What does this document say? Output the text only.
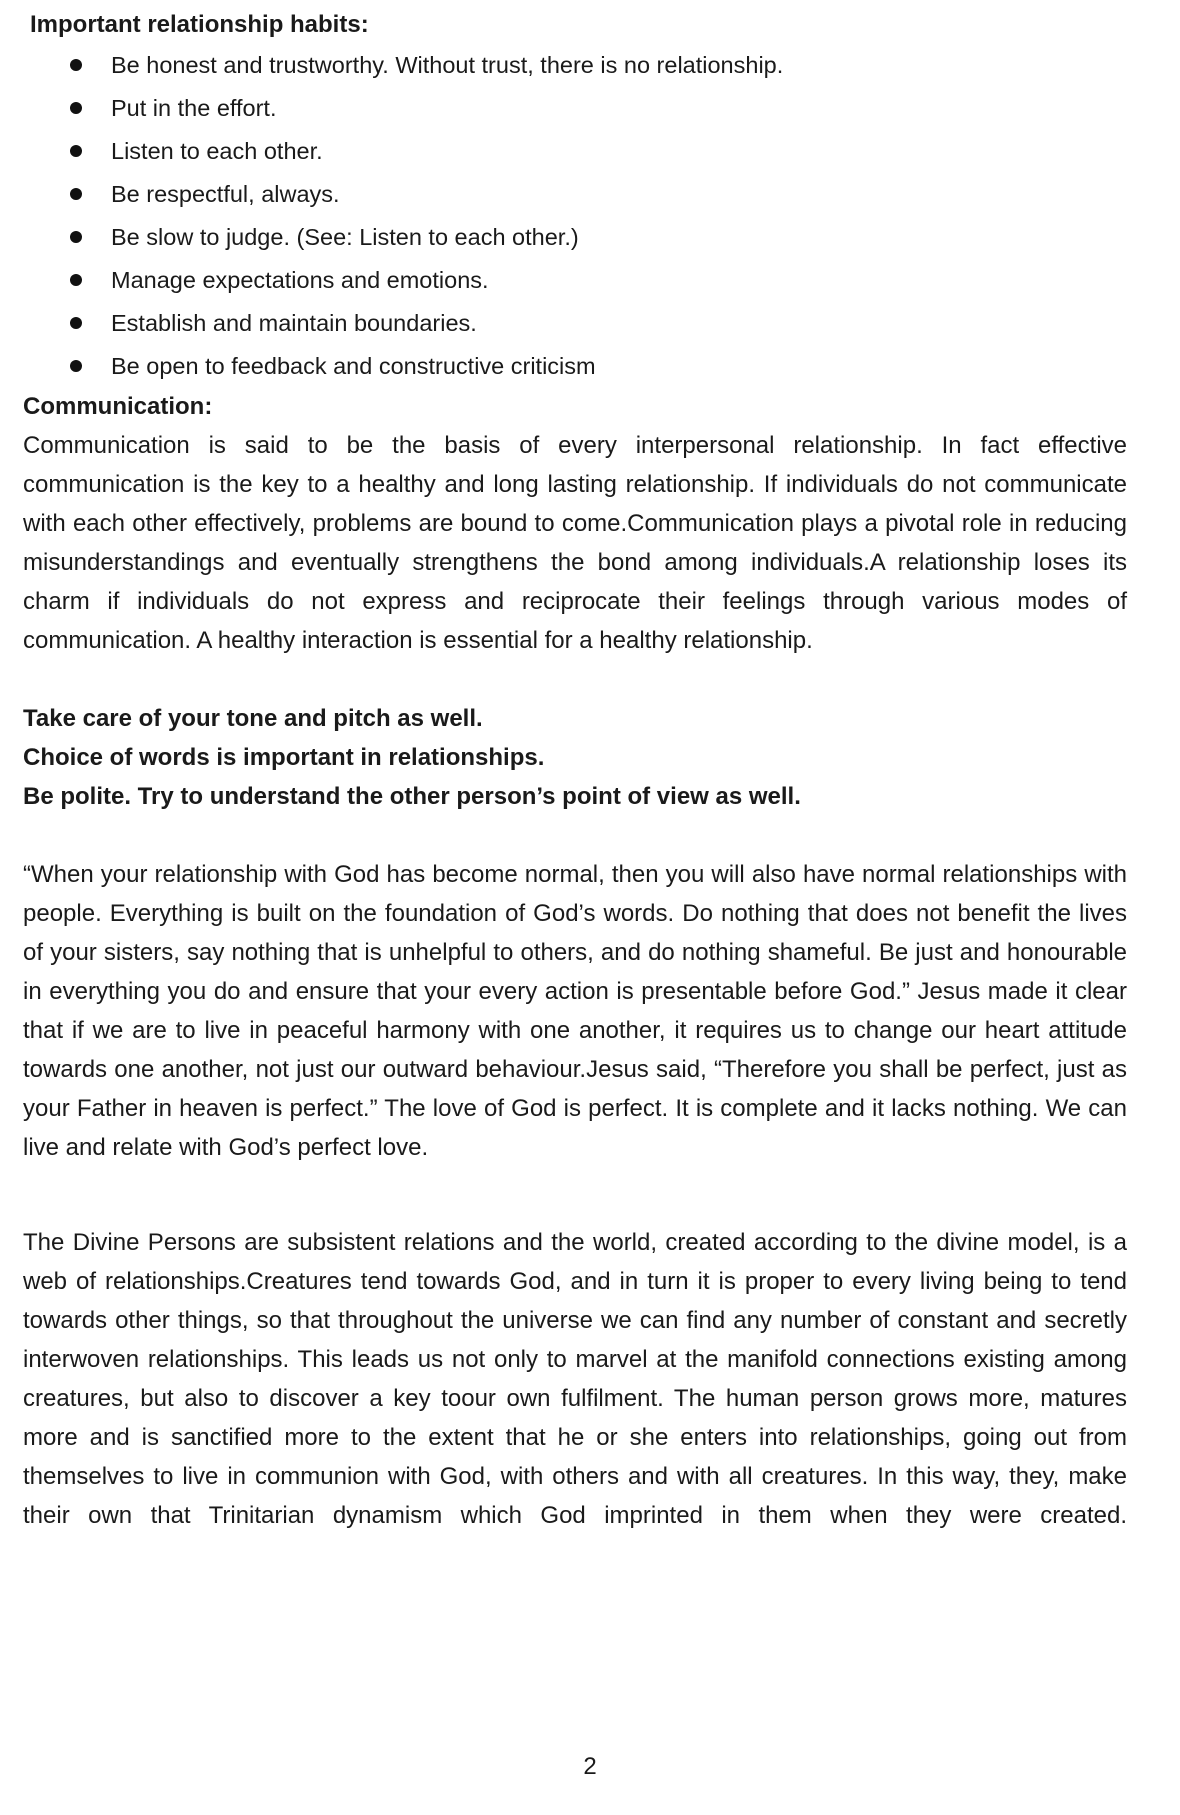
Important relationship habits:
Be honest and trustworthy. Without trust, there is no relationship.
Put in the effort.
Listen to each other.
Be respectful, always.
Be slow to judge. (See: Listen to each other.)
Manage expectations and emotions.
Establish and maintain boundaries.
Be open to feedback and constructive criticism
Communication:

Communication is said to be the basis of every interpersonal relationship. In fact effective communication is the key to a healthy and long lasting relationship. If individuals do not communicate with each other effectively, problems are bound to come.Communication plays a pivotal role in reducing misunderstandings and eventually strengthens the bond among individuals.A relationship loses its charm if individuals do not express and reciprocate their feelings through various modes of communication. A healthy interaction is essential for a healthy relationship.

Take care of your tone and pitch as well.

Choice of words is important in relationships.

Be polite. Try to understand the other person’s point of view as well.

“When your relationship with God has become normal, then you will also have normal relationships with people. Everything is built on the foundation of God’s words. Do nothing that does not benefit the lives of your sisters, say nothing that is unhelpful to others, and do nothing shameful. Be just and honourable in everything you do and ensure that your every action is presentable before God.” Jesus made it clear that if we are to live in peaceful harmony with one another, it requires us to change our heart attitude towards one another, not just our outward behaviour.Jesus said, “Therefore you shall be perfect, just as your Father in heaven is perfect.” The love of God is perfect. It is complete and it lacks nothing. We can live and relate with God’s perfect love.

The Divine Persons are subsistent relations and the world, created according to the divine model, is a web of relationships.Creatures tend towards God, and in turn it is proper to every living being to tend towards other things, so that throughout the universe we can find any number of constant and secretly interwoven relationships. This leads us not only to marvel at the manifold connections existing among creatures, but also to discover a key toour own fulfilment. The human person grows more, matures more and is sanctified more to the extent that he or she enters into relationships, going out from themselves to live in communion with God, with others and with all creatures. In this way, they, make their own that Trinitarian dynamism which God imprinted in them when they were created.

2
